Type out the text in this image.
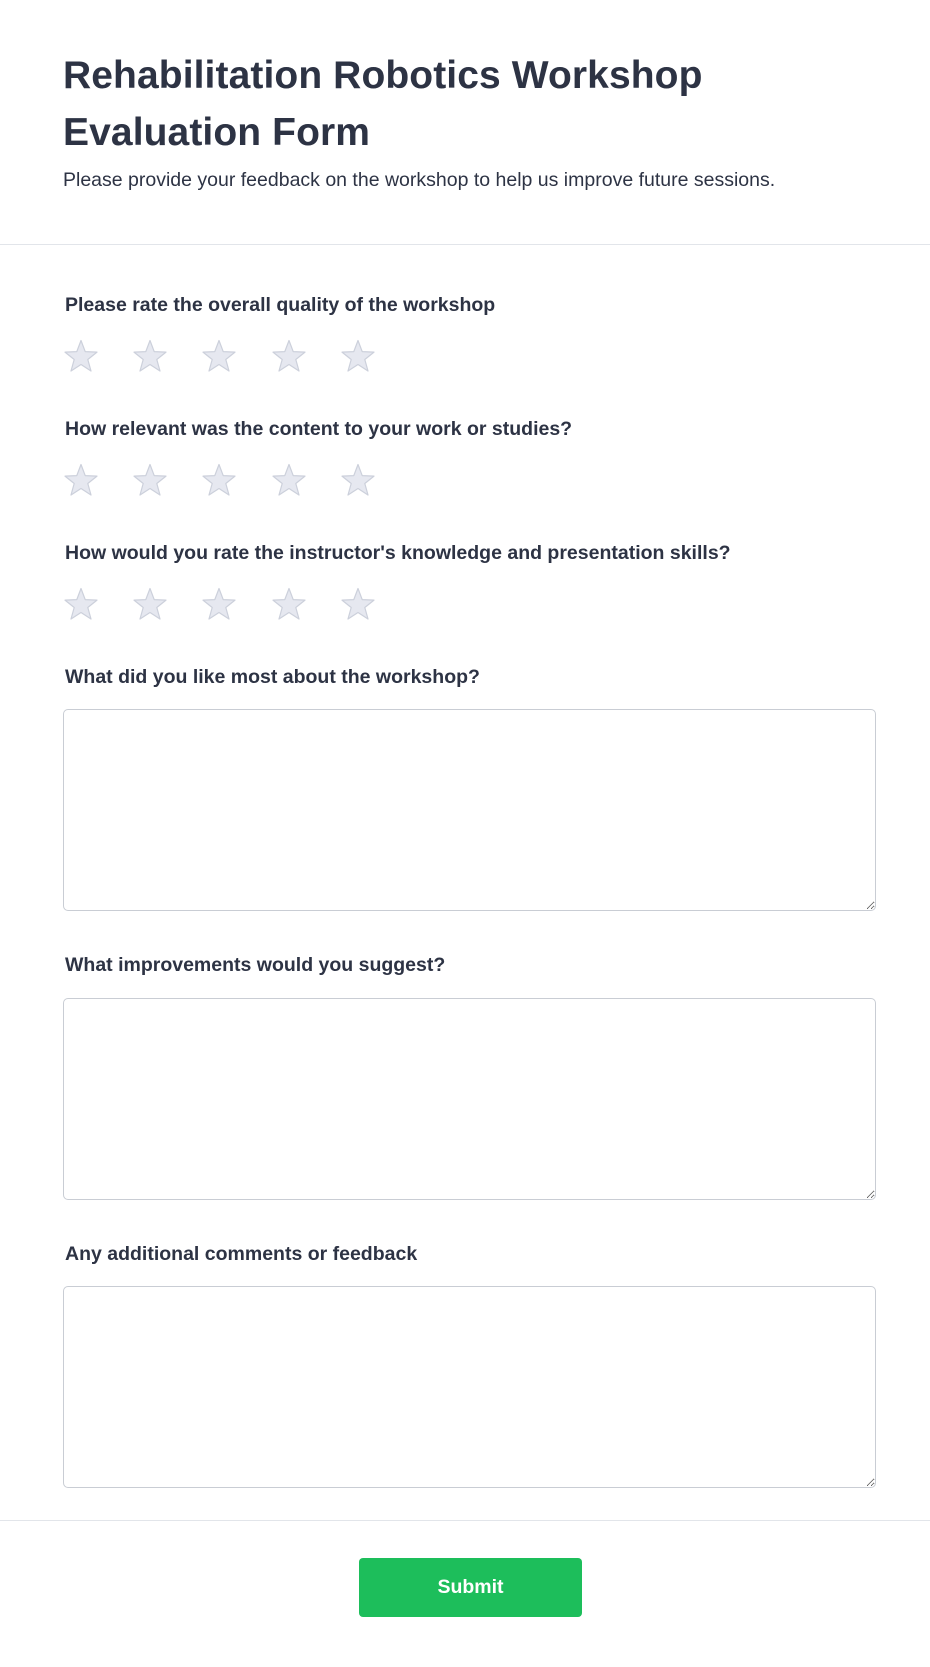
Rehabilitation Robotics Workshop Evaluation Form

Please provide your feedback on the workshop to help us improve future sessions.

Please rate the overall quality of the workshop

How relevant was the content to your work or studies?

How would you rate the instructor's knowledge and presentation skills?

What did you like most about the workshop?

What improvements would you suggest?

Any additional comments or feedback

Submit
